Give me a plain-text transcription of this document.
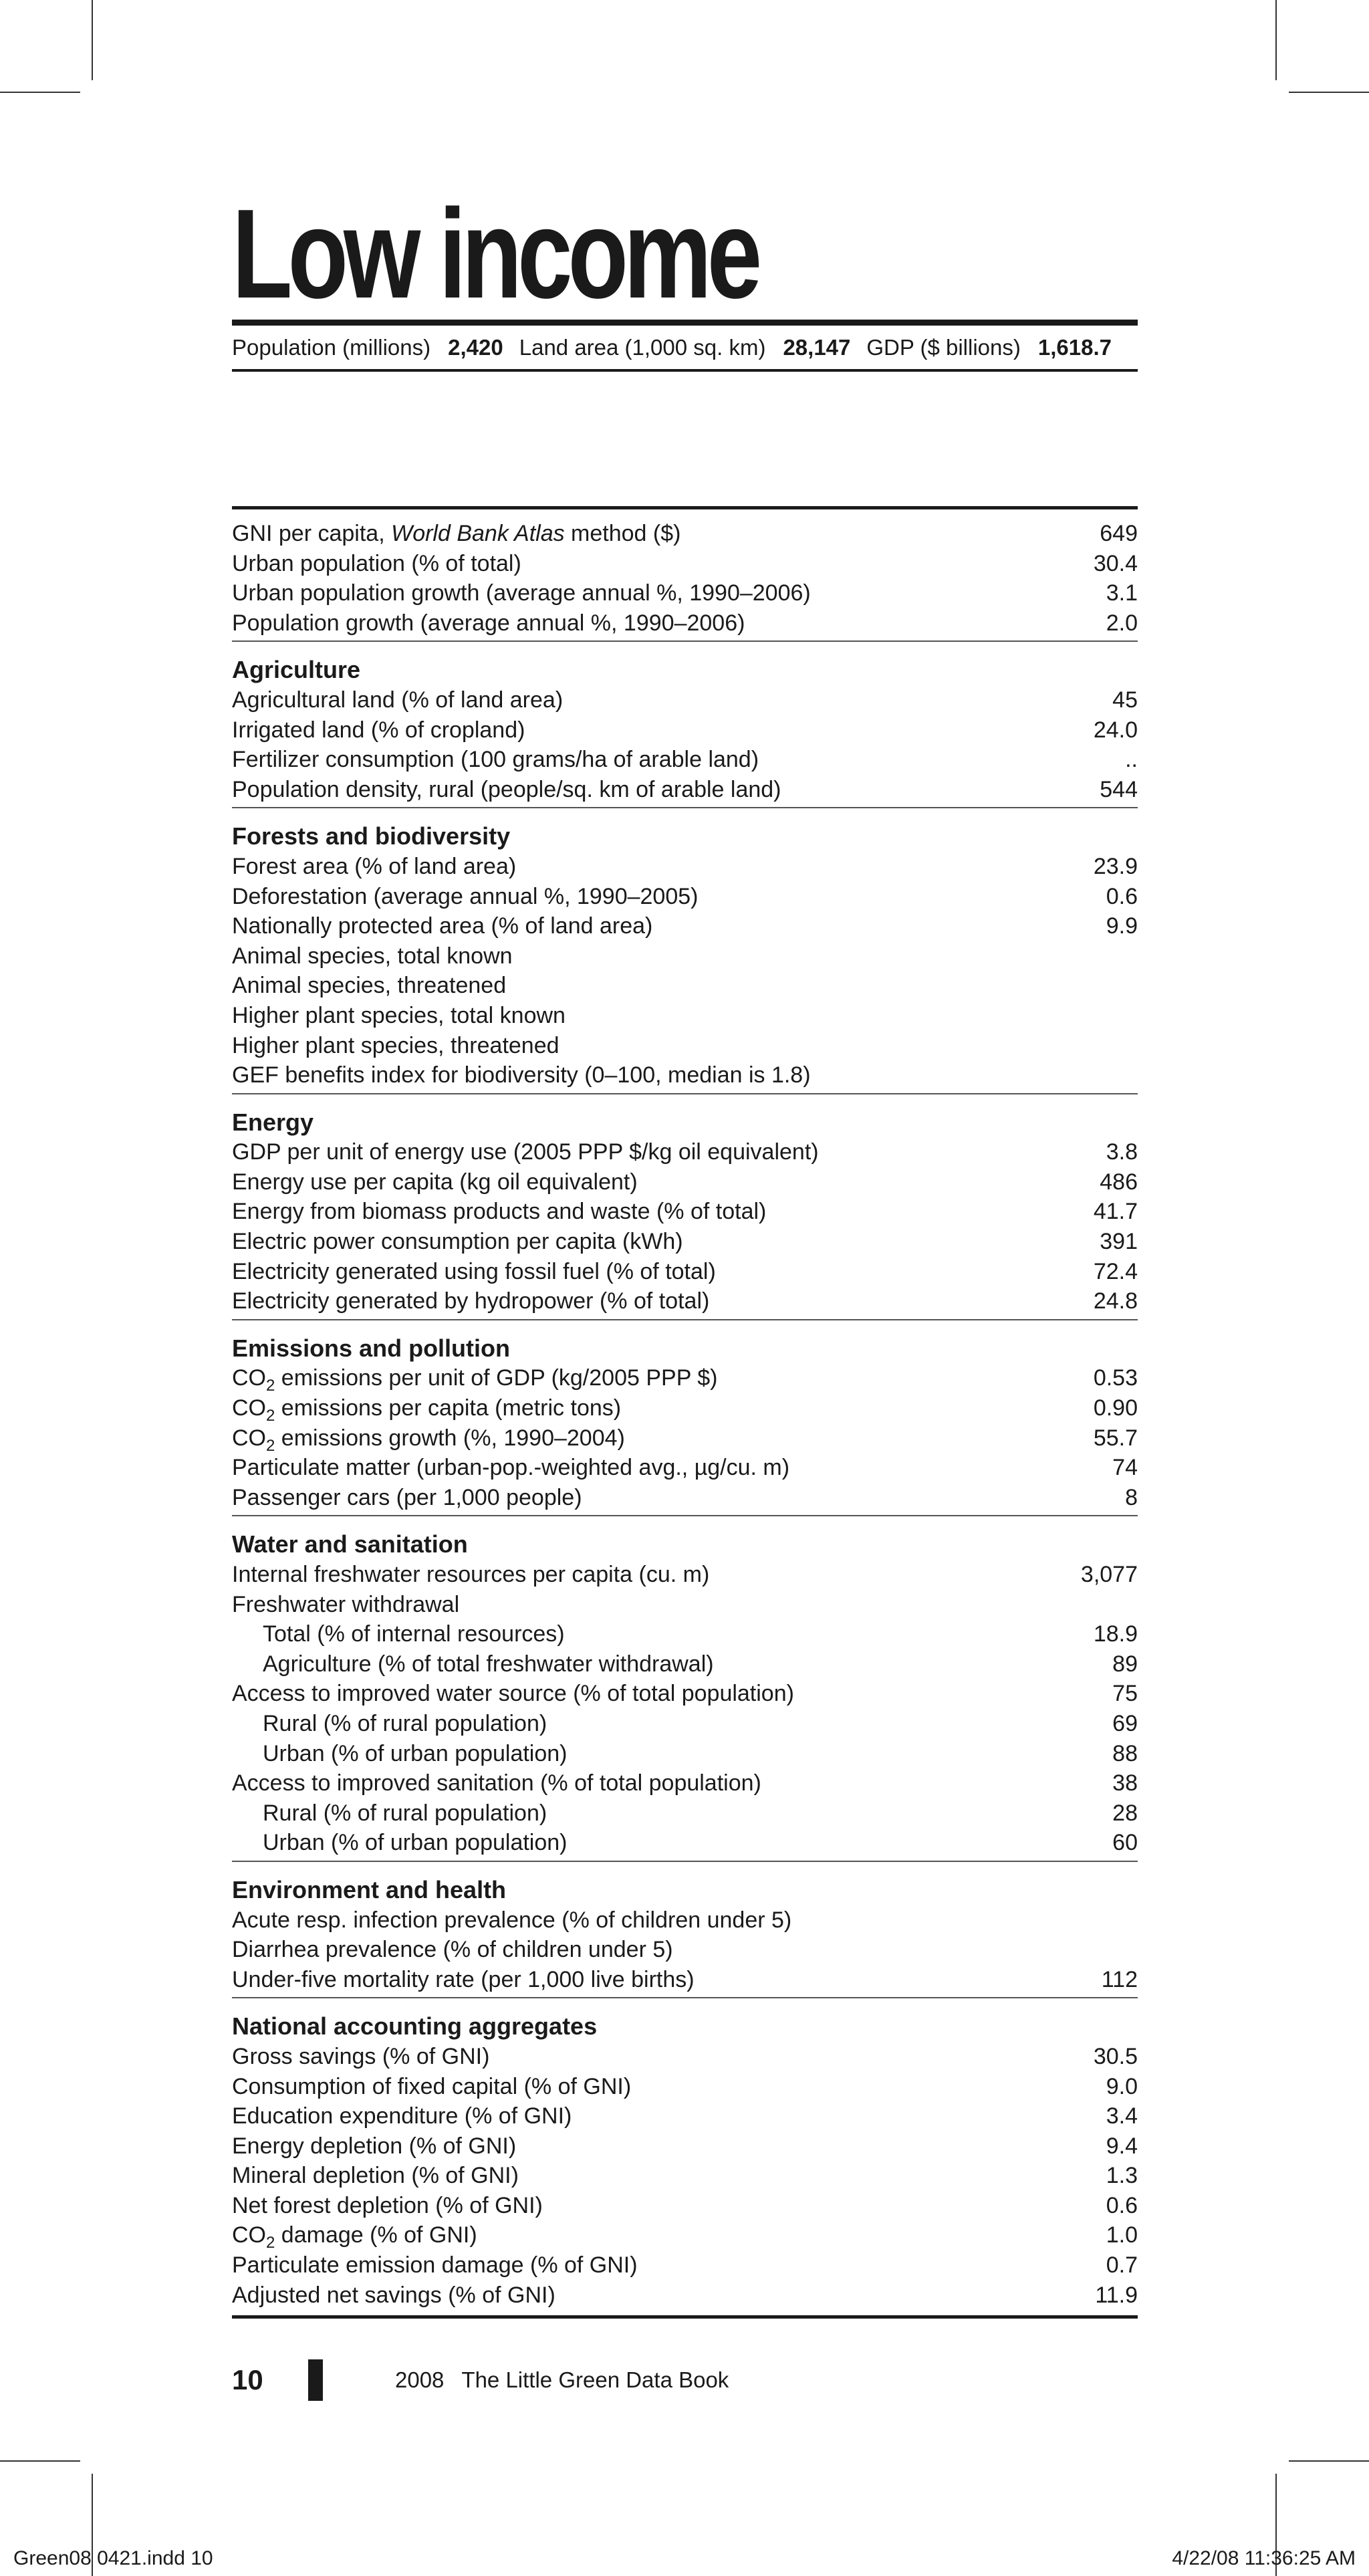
Low income
Population (millions) 2,420 Land area (1,000 sq. km) 28,147 GDP ($ billions) 1,618.7
GNI per capita, World Bank Atlas method ($)	649
Urban population (% of total)	30.4
Urban population growth (average annual %, 1990–2006)	3.1
Population growth (average annual %, 1990–2006)	2.0
Agriculture
Agricultural land (% of land area)	45
Irrigated land (% of cropland)	24.0
Fertilizer consumption (100 grams/ha of arable land)	..
Population density, rural (people/sq. km of arable land)	544
Forests and biodiversity
Forest area (% of land area)	23.9
Deforestation (average annual %, 1990–2005)	0.6
Nationally protected area (% of land area)	9.9
Animal species, total known
Animal species, threatened
Higher plant species, total known
Higher plant species, threatened
GEF benefits index for biodiversity (0–100, median is 1.8)
Energy
GDP per unit of energy use (2005 PPP $/kg oil equivalent)	3.8
Energy use per capita (kg oil equivalent)	486
Energy from biomass products and waste (% of total)	41.7
Electric power consumption per capita (kWh)	391
Electricity generated using fossil fuel (% of total)	72.4
Electricity generated by hydropower (% of total)	24.8
Emissions and pollution
$CO_2$ emissions per unit of GDP (kg/2005 PPP $)	0.53
$CO_2$ emissions per capita (metric tons)	0.90
$CO_2$ emissions growth (%, 1990–2004)	55.7
Particulate matter (urban-pop.-weighted avg., µg/cu. m)	74
Passenger cars (per 1,000 people)	8
Water and sanitation
Internal freshwater resources per capita (cu. m)	3,077
Freshwater withdrawal
Total (% of internal resources)	18.9
Agriculture (% of total freshwater withdrawal)	89
Access to improved water source (% of total population)	75
Rural (% of rural population)	69
Urban (% of urban population)	88
Access to improved sanitation (% of total population)	38
Rural (% of rural population)	28
Urban (% of urban population)	60
Environment and health
Acute resp. infection prevalence (% of children under 5)
Diarrhea prevalence (% of children under 5)
Under-five mortality rate (per 1,000 live births)	112
National accounting aggregates
Gross savings (% of GNI)	30.5
Consumption of fixed capital (% of GNI)	9.0
Education expenditure (% of GNI)	3.4
Energy depletion (% of GNI)	9.4
Mineral depletion (% of GNI)	1.3
Net forest depletion (% of GNI)	0.6
$CO_2$ damage (% of GNI)	1.0
Particulate emission damage (% of GNI)	0.7
Adjusted net savings (% of GNI)	11.9
10	2008 The Little Green Data Book
Green08 0421.indd 10	4/22/08 11:36:25 AM
